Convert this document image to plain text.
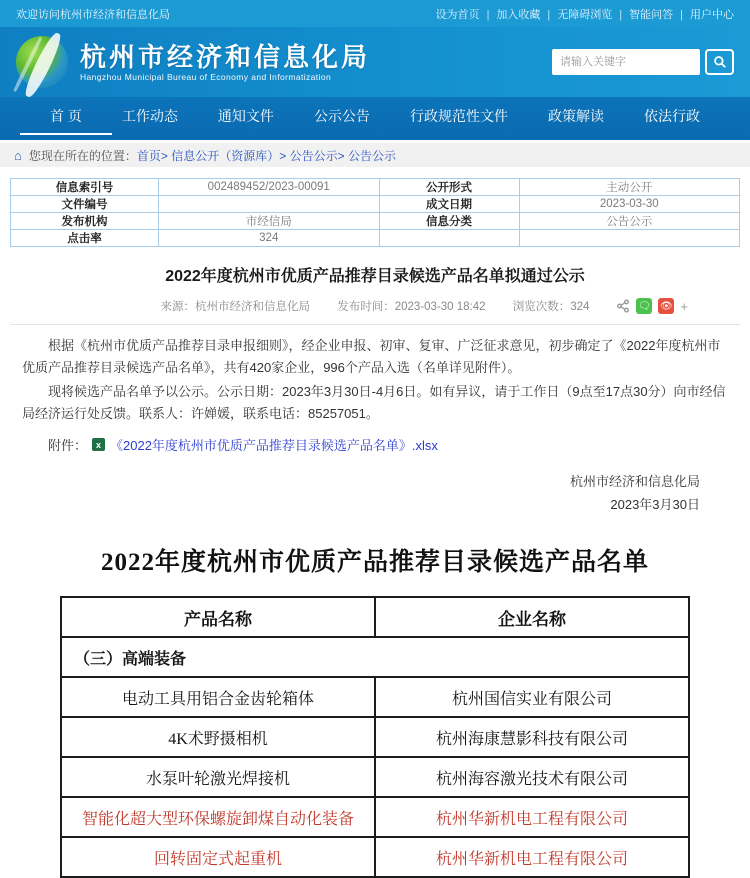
欢迎访问杭州市经济和信息化局	设为首页 |	加入收藏 |	无障碍浏览 |	智能问答 |	用户中心
杭州市经济和信息化局
Hangzhou Municipal Bureau of Economy and Informatization
请输入关键字
首 页	工作动态	通知文件	公示公告	行政规范性文件	政策解读	依法行政
⌂ 您现在所在的位置： 首页 > 信息公开（资源库） > 公告公示 > 公告公示
信息索引号	002489452/2023-00091	公开形式	主动公开
文件编号		成文日期	2023-03-30
发布机构	市经信局	信息分类	公告公示
点击率	324		
2022年度杭州市优质产品推荐目录候选产品名单拟通过公示
来源：杭州市经济和信息化局 发布时间：2023-03-30 18:42 浏览次数：324	🗨 👁 +

根据《杭州市优质产品推荐目录申报细则》，经企业申报、初审、复审、广泛征求意见，初步确定了《2022年度杭州市优质产品推荐目录候选产品名单》，共有420家企业，996个产品入选（名单详见附件）。

现将候选产品名单予以公示。公示日期：2023年3月30日-4月6日。如有异议，请于工作日（9点至17点30分）向市经信局经济运行处反馈。联系人：许婵媛，联系电话：85257051。

附件： x 《2022年度杭州市优质产品推荐目录候选产品名单》.xlsx
杭州市经济和信息化局
2023年3月30日
2022年度杭州市优质产品推荐目录候选产品名单
产品名称	企业名称
（三）高端装备	
电动工具用铝合金齿轮箱体	杭州国信实业有限公司
4K术野摄相机	杭州海康慧影科技有限公司
水泵叶轮激光焊接机	杭州海容激光技术有限公司
智能化超大型环保螺旋卸煤自动化装备	杭州华新机电工程有限公司
回转固定式起重机	杭州华新机电工程有限公司
